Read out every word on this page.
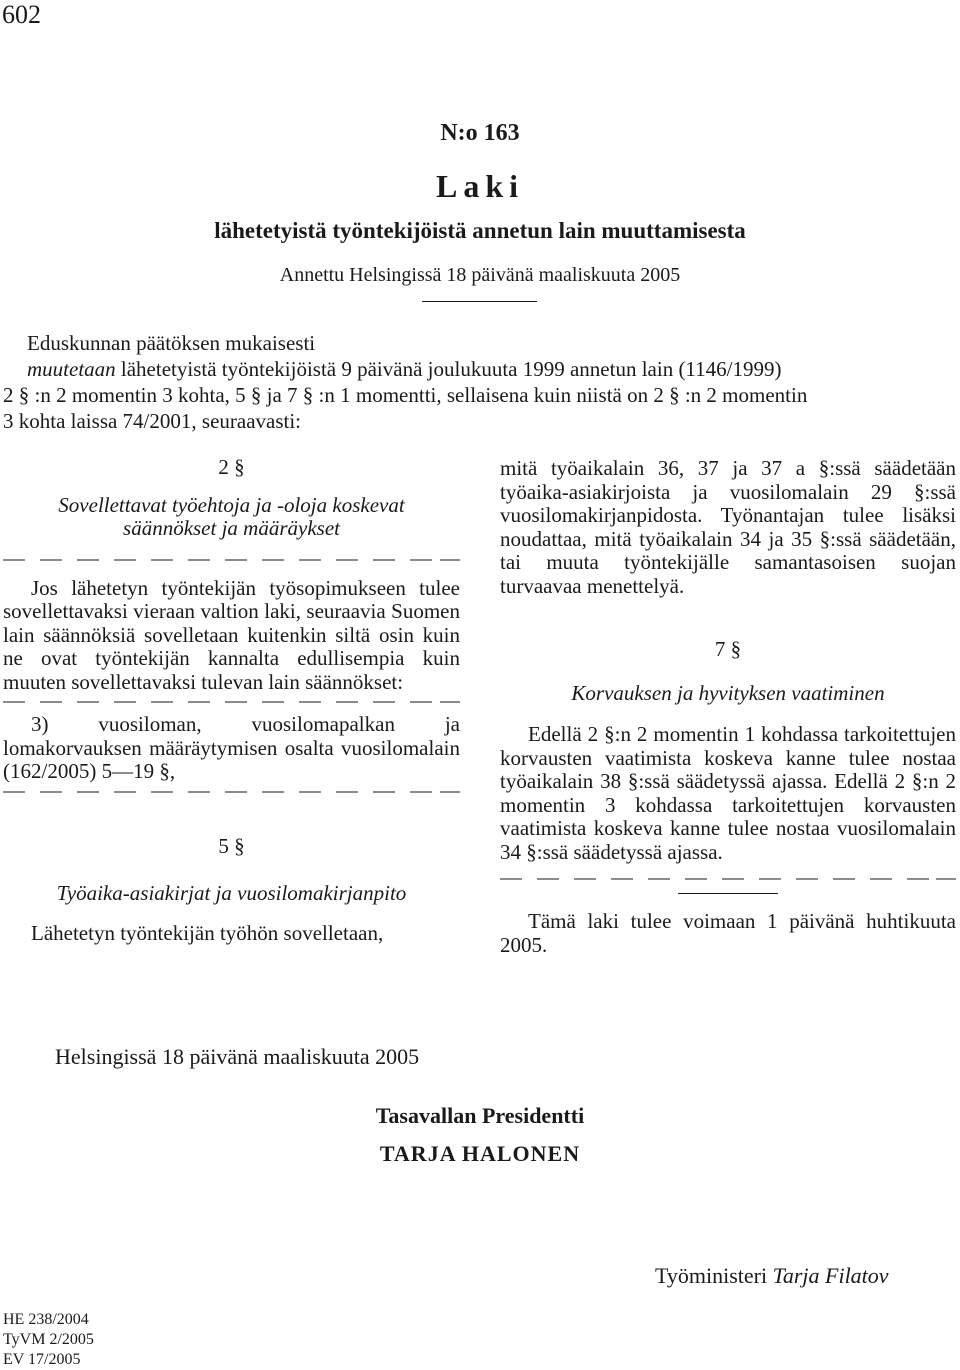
602
N:o 163
Laki
lähetetyistä työntekijöistä annetun lain muuttamisesta
Annettu Helsingissä 18 päivänä maaliskuuta 2005
Eduskunnan päätöksen mukaisesti
muutetaan lähetetyistä työntekijöistä 9 päivänä joulukuuta 1999 annetun lain (1146/1999)
2 § :n 2 momentin 3 kohta, 5 § ja 7 § :n 1 momentti, sellaisena kuin niistä on 2 § :n 2 momentin
3 kohta laissa 74/2001, seuraavasti:
2 §
Sovellettavat työehtoja ja -oloja koskevat
säännökset ja määräykset

Jos lähetetyn työntekijän työsopimukseen tulee sovellettavaksi vieraan valtion laki, seuraavia Suomen lain säännöksiä sovelletaan kuitenkin siltä osin kuin ne ovat työntekijän kannalta edullisempia kuin muuten sovellettavaksi tulevan lain säännökset:

3) vuosiloman, vuosilomapalkan ja lomakorvauksen määräytymisen osalta vuosilomalain (162/2005) 5—19 §,

5 §
Työaika-asiakirjat ja vuosilomakirjanpito

Lähetetyn työntekijän työhön sovelletaan,

mitä työaikalain 36, 37 ja 37 a §:ssä säädetään työaika-asiakirjoista ja vuosilomalain 29 §:ssä vuosilomakirjanpidosta. Työnantajan tulee lisäksi noudattaa, mitä työaikalain 34 ja 35 §:ssä säädetään, tai muuta työntekijälle samantasoisen suojan turvaavaa menettelyä.

7 §
Korvauksen ja hyvityksen vaatiminen

Edellä 2 §:n 2 momentin 1 kohdassa tarkoitettujen korvausten vaatimista koskeva kanne tulee nostaa työaikalain 38 §:ssä säädetyssä ajassa. Edellä 2 §:n 2 momentin 3 kohdassa tarkoitettujen korvausten vaatimista koskeva kanne tulee nostaa vuosilomalain 34 §:ssä säädetyssä ajassa.

Tämä laki tulee voimaan 1 päivänä huhtikuuta 2005.

Helsingissä 18 päivänä maaliskuuta 2005
Tasavallan Presidentti
TARJA HALONEN
Työministeri Tarja Filatov
HE 238/2004
TyVM 2/2005
EV 17/2005
